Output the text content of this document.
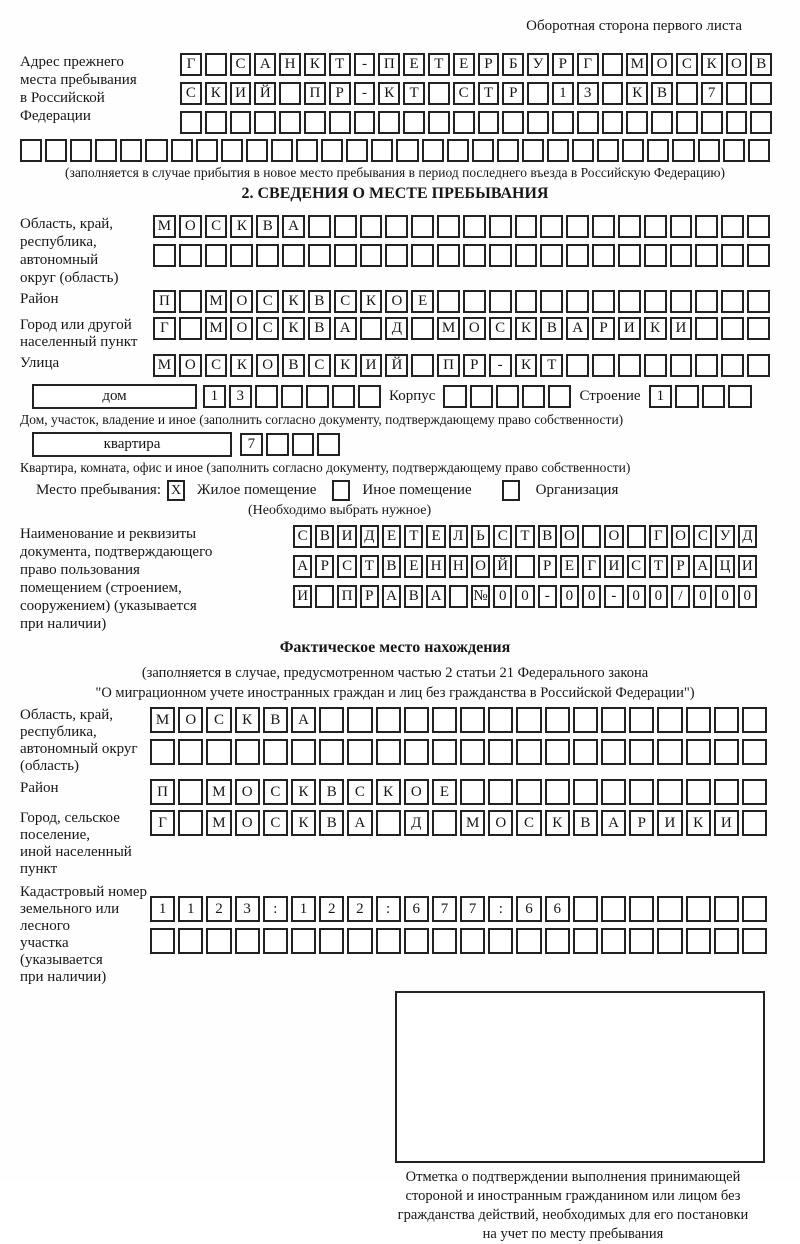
Оборотная сторона первого листа
Адрес прежнего
места пребывания
в Российской
Федерации
Г	С А Н К	Т	-	П Е	Т	Е	Р	Б	У	Р	Г	М О С К О В
С К И Й	П	Р	-	К	Т	С	Т	Р	1	3	К В	7
(заполняется в случае прибытия в новое место пребывания в период последнего въезда в Российскую Федерацию)
2. СВЕДЕНИЯ О МЕСТЕ ПРЕБЫВАНИЯ
Область, край,
республика,
автономный
округ (область)
М О	С	К	В	А
Район	П	М О	С	К	В	С	К	О	Е
Город или другой
населенный пункт
Г	М О	С	К	В	А	Д	М О	С	К	В	А	Р	И	К	И
Улица	М О	С	К	О	В	С	К	И Й	П	Р	-	К	Т
дом	1	3	Корпус	Строение	1
Дом, участок, владение и иное (заполнить согласно документу, подтверждающему право собственности)
квартира	7
Квартира, комната, офис и иное (заполнить согласно документу, подтверждающему право собственности)
Место пребывания: X Жилое помещение	Иное помещение	Организация
(Необходимо выбрать нужное)
Наименование и реквизиты
документа, подтверждающего
право пользования
помещением (строением,
сооружением) (указывается
при наличии)
С В И Д Е Т Е Л Ь С Т В О О	Г О С У Д
А Р С Т В Е Н Н О Й	Р Е Г И С Т Р А Ц И
И П Р А В А № 0 0	-	0 0	-	0 0	/	0 0 0
Фактическое место нахождения
(заполняется в случае, предусмотренном частью 2 статьи 21 Федерального закона
"О миграционном учете иностранных граждан и лиц без гражданства в Российской Федерации")
Область, край,
республика,
автономный округ
(область)
М	О	С	К	В	А
Район	П	М	О	С	К	В	С	К	О	Е
Город, сельское поселение,
иной населенный пункт
Г	М	О	С	К	В	А	Д	М	О	С	К	В	А	Р	И	К	И
Кадастровый номер
земельного или лесного
участка (указывается
при наличии)
1	1	2	3	:	1	2	2	:	6	7	7	:	6	6
Отметка о подтверждении выполнения принимающей
стороной и иностранным гражданином или лицом без
гражданства действий, необходимых для его постановки
на учет по месту пребывания
